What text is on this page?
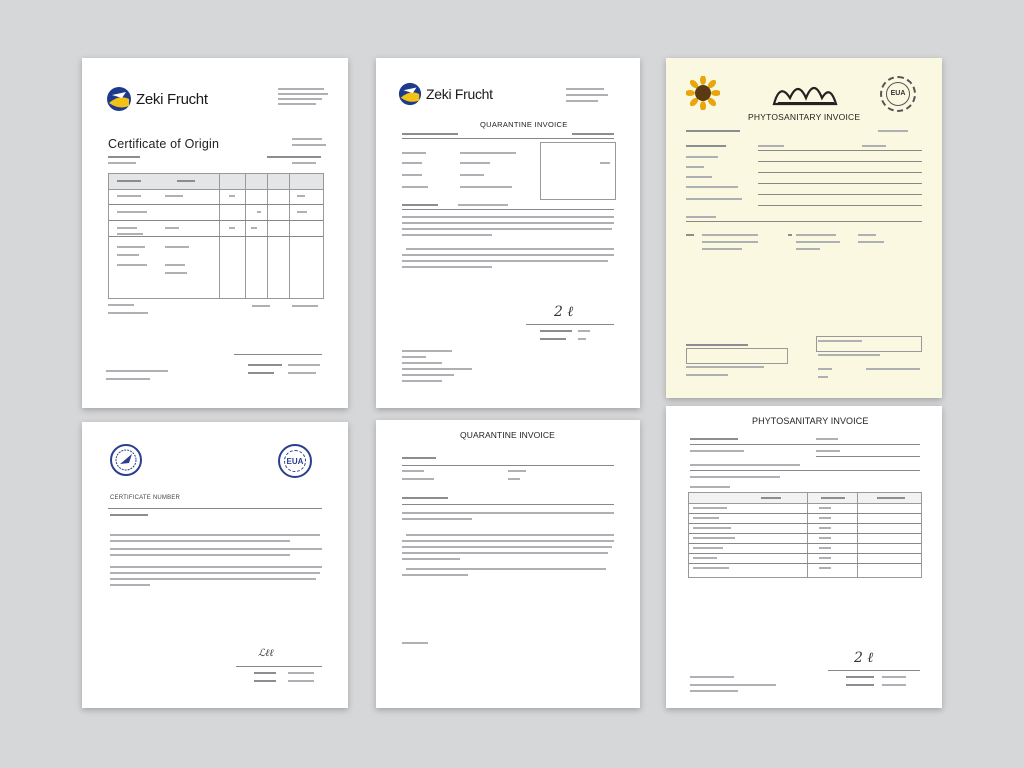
Zeki Frucht
Certificate of Origin
Zeki Frucht
QUARANTINE INVOICE
2 ℓ
EUA
PHYTOSANITARY INVOICE
EUA
CERTIFICATE NUMBER
ℒℓℓ
QUARANTINE INVOICE
PHYTOSANITARY INVOICE
2 ℓ
